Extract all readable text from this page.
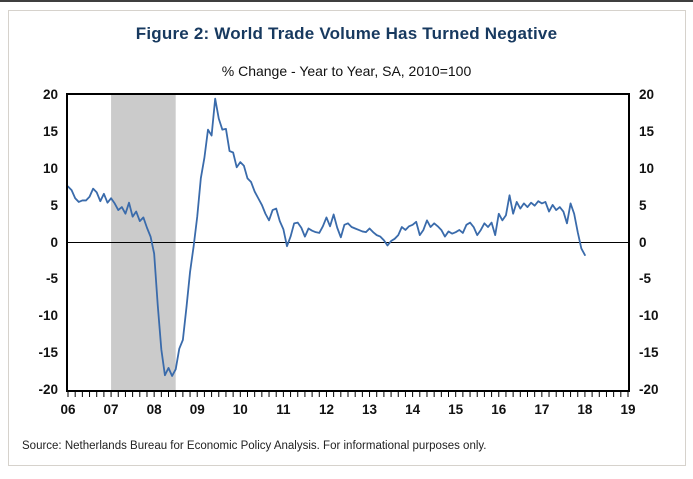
Figure 2: World Trade Volume Has Turned Negative
% Change - Year to Year, SA, 2010=100
20
15
10
5
0
-5
-10
-15
-20
20
15
10
5
0
-5
-10
-15
-20
06	07	08	09	10	11	12	13	14	15	16	17	18	19
Source: Netherlands Bureau for Economic Policy Analysis. For informational purposes only.
